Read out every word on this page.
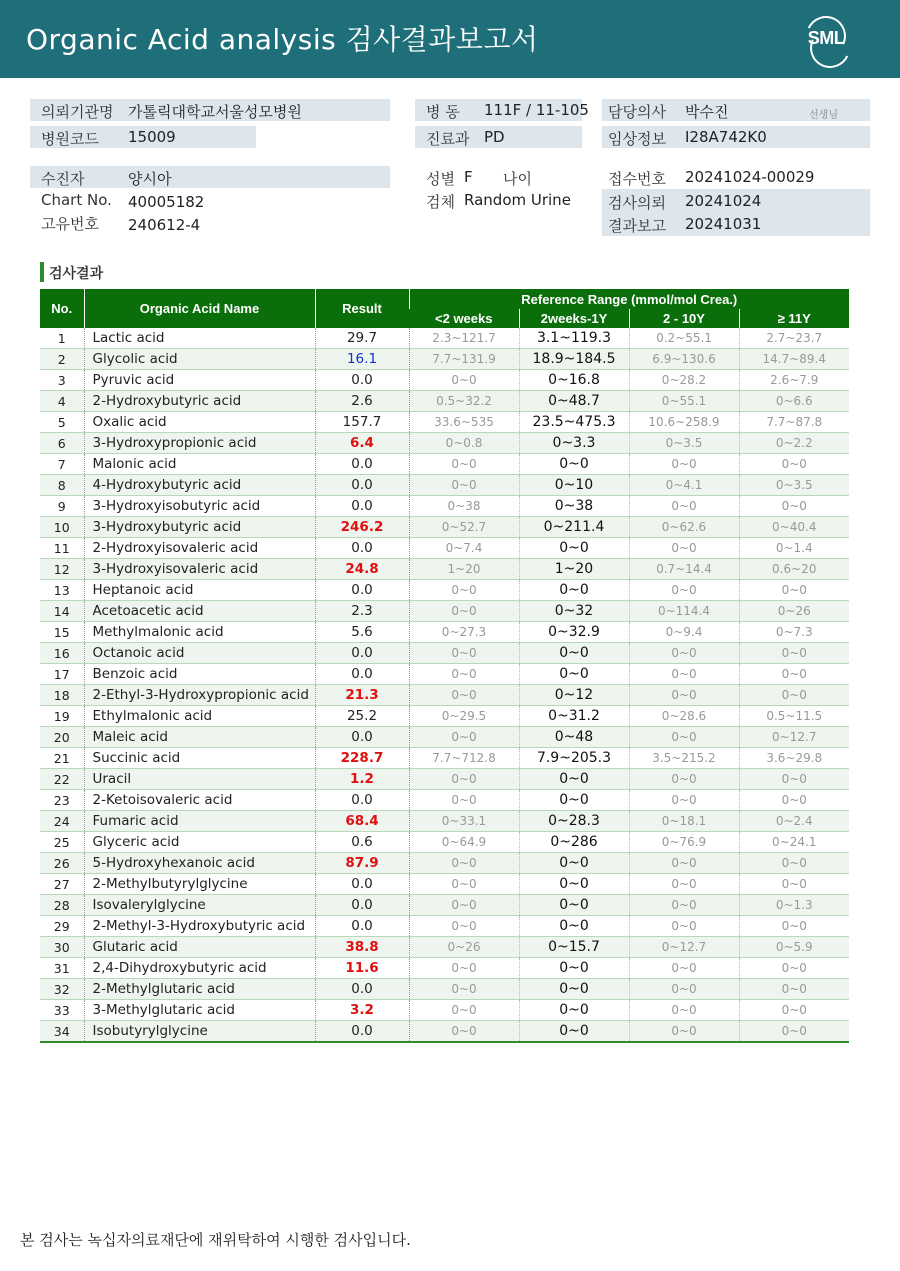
Organic Acid analysis 검사결과보고서	SML
의뢰기관명 가톨릭대학교서울성모병원
병원코드 15009
병 동 111F / 11-105
진료과 PD
담당의사 박수진	선생님
임상정보 I28A742K0
수진자	양시아
Chart No. 40005182
고유번호 240612-4
성별 F 나이
검체 Random Urine
접수번호 20241024-00029
검사의뢰 20241024
결과보고 20241031
검사결과
No.	Organic Acid Name	Result	Reference Range (mmol/mol Crea.)			
			<2 weeks	2weeks-1Y	2 - 10Y	≥ 11Y
1	Lactic acid	29.7	2.3~121.7	3.1~119.3	0.2~55.1	2.7~23.7
2	Glycolic acid	16.1	7.7~131.9	18.9~184.5	6.9~130.6	14.7~89.4
3	Pyruvic acid	0.0	0~0	0~16.8	0~28.2	2.6~7.9
4	2-Hydroxybutyric acid	2.6	0.5~32.2	0~48.7	0~55.1	0~6.6
5	Oxalic acid	157.7	33.6~535	23.5~475.3	10.6~258.9	7.7~87.8
6	3-Hydroxypropionic acid	6.4	0~0.8	0~3.3	0~3.5	0~2.2
7	Malonic acid	0.0	0~0	0~0	0~0	0~0
8	4-Hydroxybutyric acid	0.0	0~0	0~10	0~4.1	0~3.5
9	3-Hydroxyisobutyric acid	0.0	0~38	0~38	0~0	0~0
10	3-Hydroxybutyric acid	246.2	0~52.7	0~211.4	0~62.6	0~40.4
11	2-Hydroxyisovaleric acid	0.0	0~7.4	0~0	0~0	0~1.4
12	3-Hydroxyisovaleric acid	24.8	1~20	1~20	0.7~14.4	0.6~20
13	Heptanoic acid	0.0	0~0	0~0	0~0	0~0
14	Acetoacetic acid	2.3	0~0	0~32	0~114.4	0~26
15	Methylmalonic acid	5.6	0~27.3	0~32.9	0~9.4	0~7.3
16	Octanoic acid	0.0	0~0	0~0	0~0	0~0
17	Benzoic acid	0.0	0~0	0~0	0~0	0~0
18	2-Ethyl-3-Hydroxypropionic acid	21.3	0~0	0~12	0~0	0~0
19	Ethylmalonic acid	25.2	0~29.5	0~31.2	0~28.6	0.5~11.5
20	Maleic acid	0.0	0~0	0~48	0~0	0~12.7
21	Succinic acid	228.7	7.7~712.8	7.9~205.3	3.5~215.2	3.6~29.8
22	Uracil	1.2	0~0	0~0	0~0	0~0
23	2-Ketoisovaleric acid	0.0	0~0	0~0	0~0	0~0
24	Fumaric acid	68.4	0~33.1	0~28.3	0~18.1	0~2.4
25	Glyceric acid	0.6	0~64.9	0~286	0~76.9	0~24.1
26	5-Hydroxyhexanoic acid	87.9	0~0	0~0	0~0	0~0
27	2-Methylbutyrylglycine	0.0	0~0	0~0	0~0	0~0
28	Isovalerylglycine	0.0	0~0	0~0	0~0	0~1.3
29	2-Methyl-3-Hydroxybutyric acid	0.0	0~0	0~0	0~0	0~0
30	Glutaric acid	38.8	0~26	0~15.7	0~12.7	0~5.9
31	2,4-Dihydroxybutyric acid	11.6	0~0	0~0	0~0	0~0
32	2-Methylglutaric acid	0.0	0~0	0~0	0~0	0~0
33	3-Methylglutaric acid	3.2	0~0	0~0	0~0	0~0
34	Isobutyrylglycine	0.0	0~0	0~0	0~0	0~0
본 검사는 녹십자의료재단에 재위탁하여 시행한 검사입니다.
